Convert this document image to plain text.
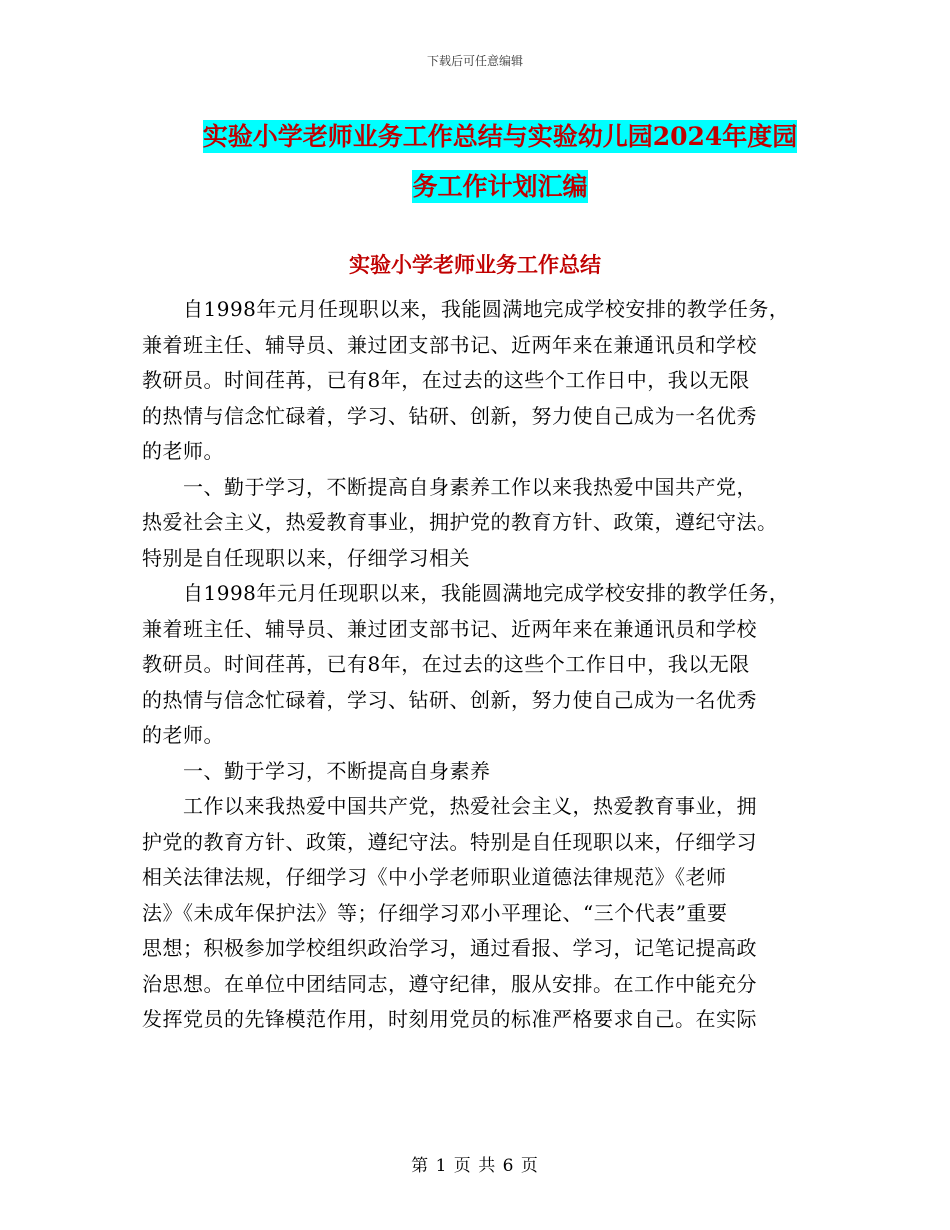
下载后可任意编辑
实验小学老师业务工作总结与实验幼儿园2024年度园
务工作计划汇编
实验小学老师业务工作总结

　　自1998年元月任现职以来，我能圆满地完成学校安排的教学任务，

兼着班主任、辅导员、兼过团支部书记、近两年来在兼通讯员和学校

教研员。时间荏苒，已有8年，在过去的这些个工作日中，我以无限

的热情与信念忙碌着，学习、钻研、创新，努力使自己成为一名优秀

的老师。

　　一、勤于学习，不断提高自身素养工作以来我热爱中国共产党，

热爱社会主义，热爱教育事业，拥护党的教育方针、政策，遵纪守法。

特别是自任现职以来，仔细学习相关

　　自1998年元月任现职以来，我能圆满地完成学校安排的教学任务，

兼着班主任、辅导员、兼过团支部书记、近两年来在兼通讯员和学校

教研员。时间荏苒，已有8年，在过去的这些个工作日中，我以无限

的热情与信念忙碌着，学习、钻研、创新，努力使自己成为一名优秀

的老师。

　　一、勤于学习，不断提高自身素养

　　工作以来我热爱中国共产党，热爱社会主义，热爱教育事业，拥

护党的教育方针、政策，遵纪守法。特别是自任现职以来，仔细学习

相关法律法规，仔细学习《中小学老师职业道德法律规范》《老师

法》《未成年保护法》等；仔细学习邓小平理论、“三个代表”重要

思想；积极参加学校组织政治学习，通过看报、学习，记笔记提高政

治思想。在单位中团结同志，遵守纪律，服从安排。在工作中能充分

发挥党员的先锋模范作用，时刻用党员的标准严格要求自己。在实际

第 1 页 共 6 页
